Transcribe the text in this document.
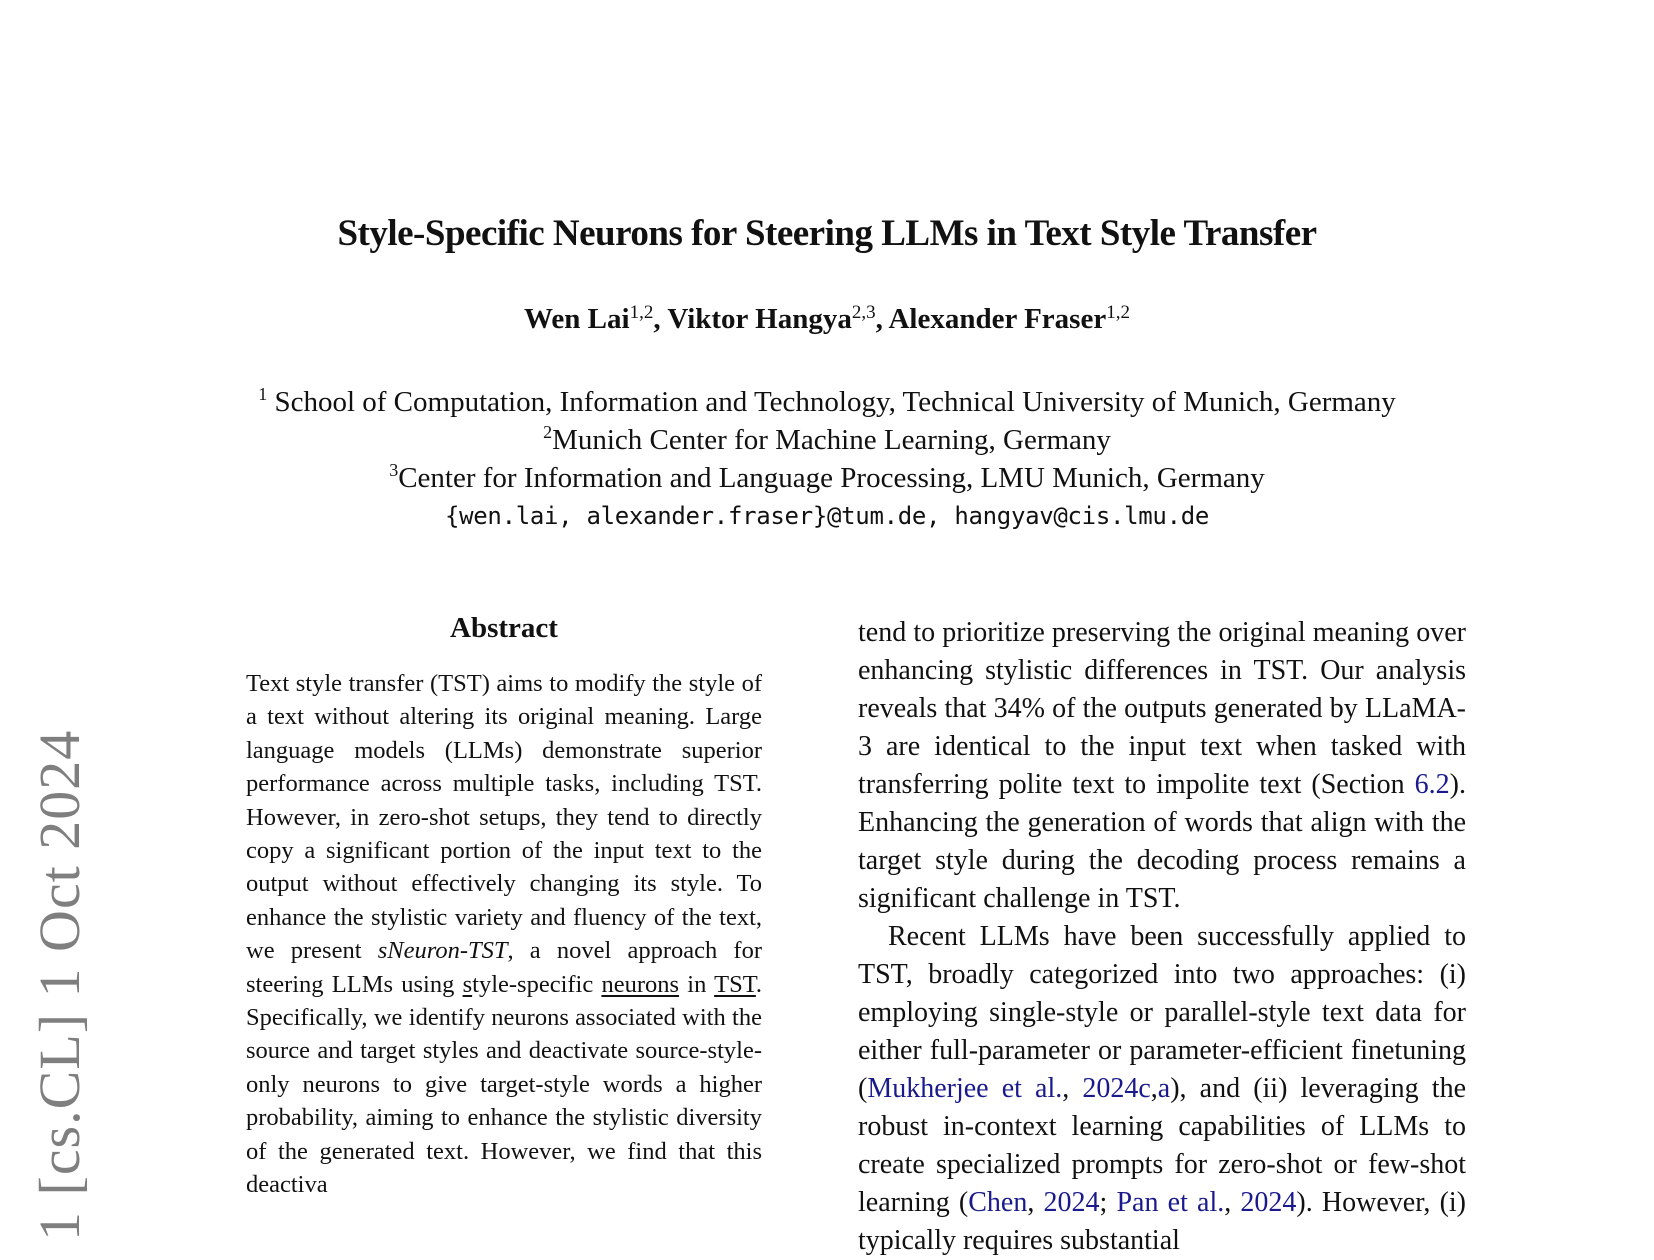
1 [cs.CL] 1 Oct 2024
Style-Specific Neurons for Steering LLMs in Text Style Transfer
Wen Lai$^{1,2}$, Viktor Hangya$^{2,3}$, Alexander Fraser$^{1,2}$
$^1$ School of Computation, Information and Technology, Technical University of Munich, Germany
$^2$Munich Center for Machine Learning, Germany
$^3$Center for Information and Language Processing, LMU Munich, Germany
{wen.lai, alexander.fraser}@tum.de, hangyav@cis.lmu.de
Abstract
Text style transfer (TST) aims to modify the style of a text without altering its original meaning. Large language models (LLMs) demonstrate superior performance across multiple tasks, including TST. However, in zero-shot setups, they tend to directly copy a significant portion of the input text to the output without effectively changing its style. To enhance the stylistic variety and fluency of the text, we present sNeuron-TST, a novel approach for steering LLMs using style-specific neurons in TST. Specifically, we identify neurons associated with the source and target styles and deactivate source-style-only neurons to give target-style words a higher probability, aiming to enhance the stylistic diversity of the generated text. However, we find that this deactiva

tend to prioritize preserving the original meaning over enhancing stylistic differences in TST. Our analysis reveals that 34% of the outputs generated by LLaMA-3 are identical to the input text when tasked with transferring polite text to impolite text (Section 6.2). Enhancing the generation of words that align with the target style during the decoding process remains a significant challenge in TST.

Recent LLMs have been successfully applied to TST, broadly categorized into two approaches: (i) employing single-style or parallel-style text data for either full-parameter or parameter-efficient finetuning (Mukherjee et al., 2024c,a), and (ii) leveraging the robust in-context learning capabilities of LLMs to create specialized prompts for zero-shot or few-shot learning (Chen, 2024; Pan et al., 2024). However, (i) typically requires substantial
